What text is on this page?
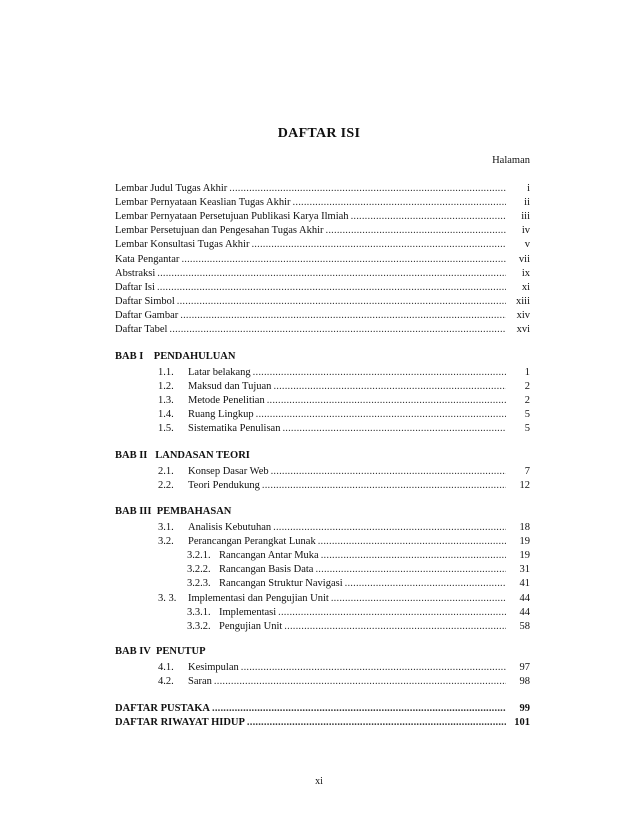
DAFTAR ISI
Halaman
Lembar Judul Tugas Akhir .....	i
Lembar Pernyataan Keaslian Tugas Akhir .....	ii
Lembar Pernyataan Persetujuan Publikasi Karya Ilmiah .....	iii
Lembar Persetujuan dan Pengesahan Tugas Akhir .....	iv
Lembar Konsultasi Tugas Akhir .....	v
Kata Pengantar .....	vii
Abstraksi .....	ix
Daftar Isi .....	xi
Daftar Simbol .....	xiii
Daftar Gambar .....	xiv
Daftar Tabel .....	xvi
BAB I    PENDAHULUAN
1.1.	Latar belakang .....	1
1.2.	Maksud dan Tujuan .....	2
1.3.	Metode Penelitian .....	2
1.4.	Ruang Lingkup .....	5
1.5.	Sistematika Penulisan .....	5
BAB II   LANDASAN TEORI
2.1.	Konsep Dasar Web .....	7
2.2.	Teori Pendukung .....	12
BAB III  PEMBAHASAN
3.1.	Analisis Kebutuhan .....	18
3.2.	Perancangan Perangkat Lunak .....	19
3.2.1. Rancangan Antar Muka .....	19
3.2.2. Rancangan Basis Data .....	31
3.2.3. Rancangan Struktur Navigasi .....	41
3. 3.	Implementasi dan Pengujian Unit .....	44
3.3.1. Implementasi .....	44
3.3.2. Pengujian Unit .....	58
BAB IV  PENUTUP
4.1.	Kesimpulan .....	97
4.2.	Saran .....	98
DAFTAR PUSTAKA .....	99
DAFTAR RIWAYAT HIDUP .....	101
xi
